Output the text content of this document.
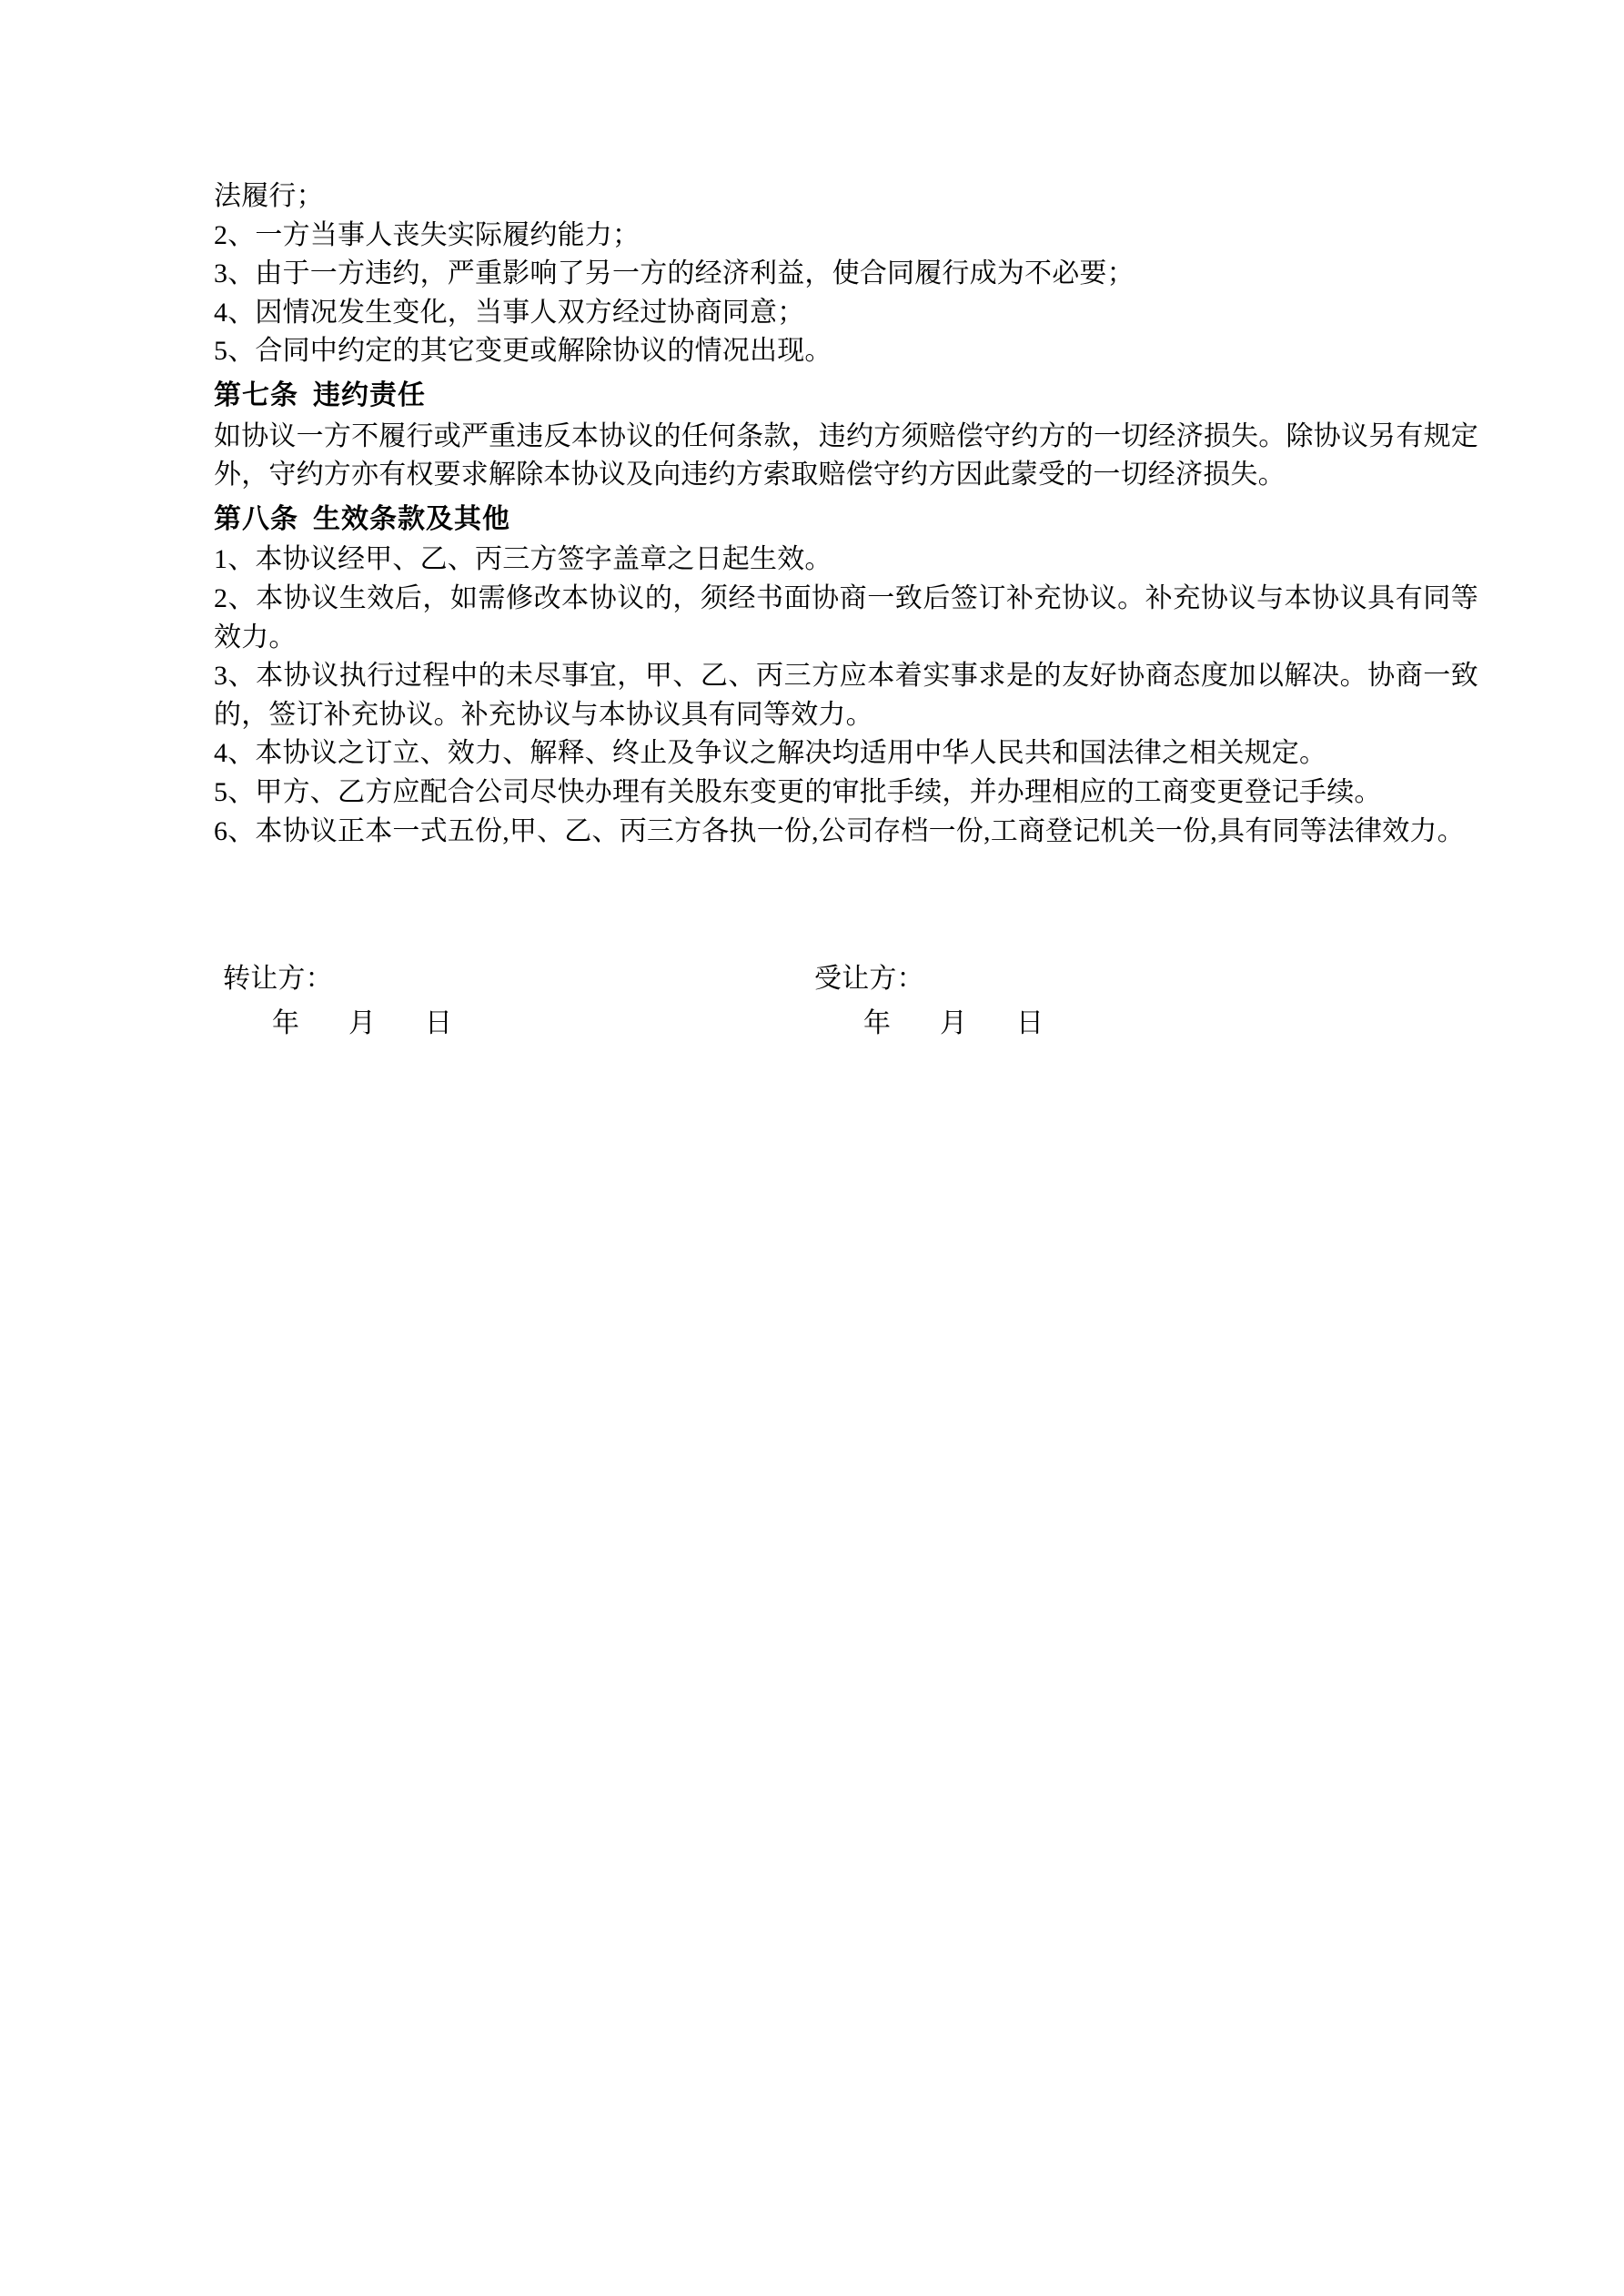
法履行；

2、一方当事人丧失实际履约能力；

3、由于一方违约，严重影响了另一方的经济利益，使合同履行成为不必要；

4、因情况发生变化，当事人双方经过协商同意；

5、合同中约定的其它变更或解除协议的情况出现。

第七条 违约责任

如协议一方不履行或严重违反本协议的任何条款，违约方须赔偿守约方的一切经济损失。除协议另有规定外，守约方亦有权要求解除本协议及向违约方索取赔偿守约方因此蒙受的一切经济损失。

第八条 生效条款及其他

1、本协议经甲、乙、丙三方签字盖章之日起生效。

2、本协议生效后，如需修改本协议的，须经书面协商一致后签订补充协议。补充协议与本协议具有同等效力。

3、本协议执行过程中的未尽事宜，甲、乙、丙三方应本着实事求是的友好协商态度加以解决。协商一致的，签订补充协议。补充协议与本协议具有同等效力。

4、本协议之订立、效力、解释、终止及争议之解决均适用中华人民共和国法律之相关规定。

5、甲方、乙方应配合公司尽快办理有关股东变更的审批手续，并办理相应的工商变更登记手续。

6、本协议正本一式五份,甲、乙、丙三方各执一份,公司存档一份,工商登记机关一份,具有同等法律效力。

转让方：
年 月 日
受让方：
年 月 日
